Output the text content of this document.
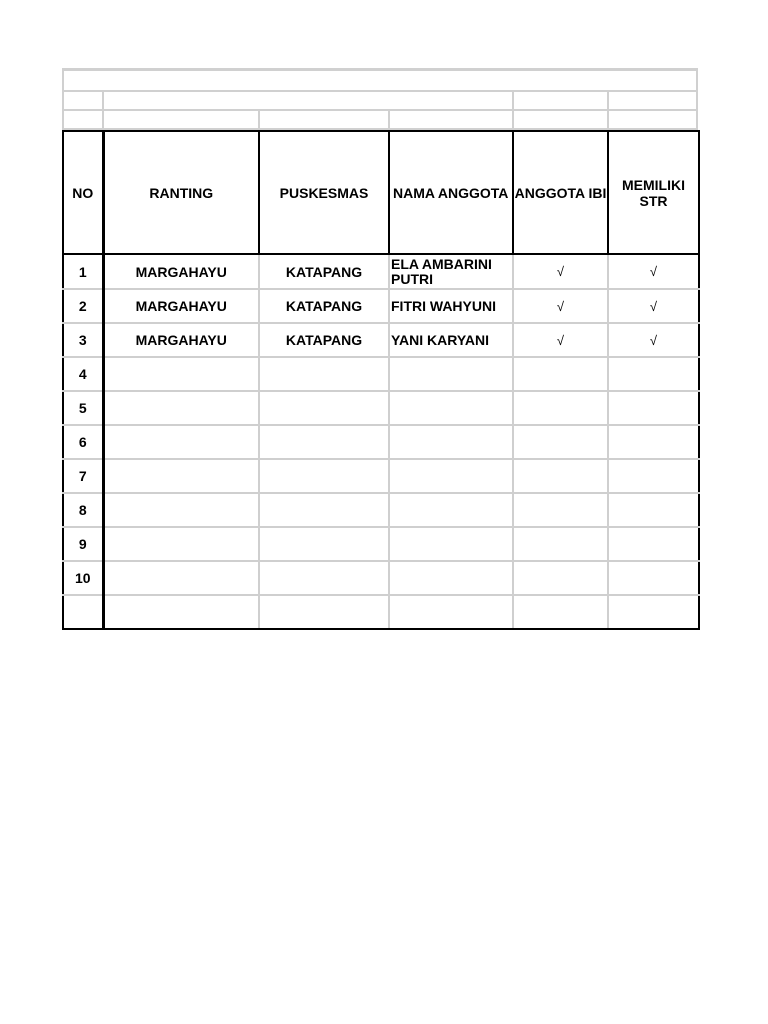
NO	RANTING	PUSKESMAS	NAMA ANGGOTA	ANGGOTA IBI	MEMILIKI STR
1	MARGAHAYU	KATAPANG	ELA AMBARINI PUTRI	√	√
2	MARGAHAYU	KATAPANG	FITRI WAHYUNI	√	√
3	MARGAHAYU	KATAPANG	YANI KARYANI	√	√
4					
5					
6					
7					
8					
9					
10					
